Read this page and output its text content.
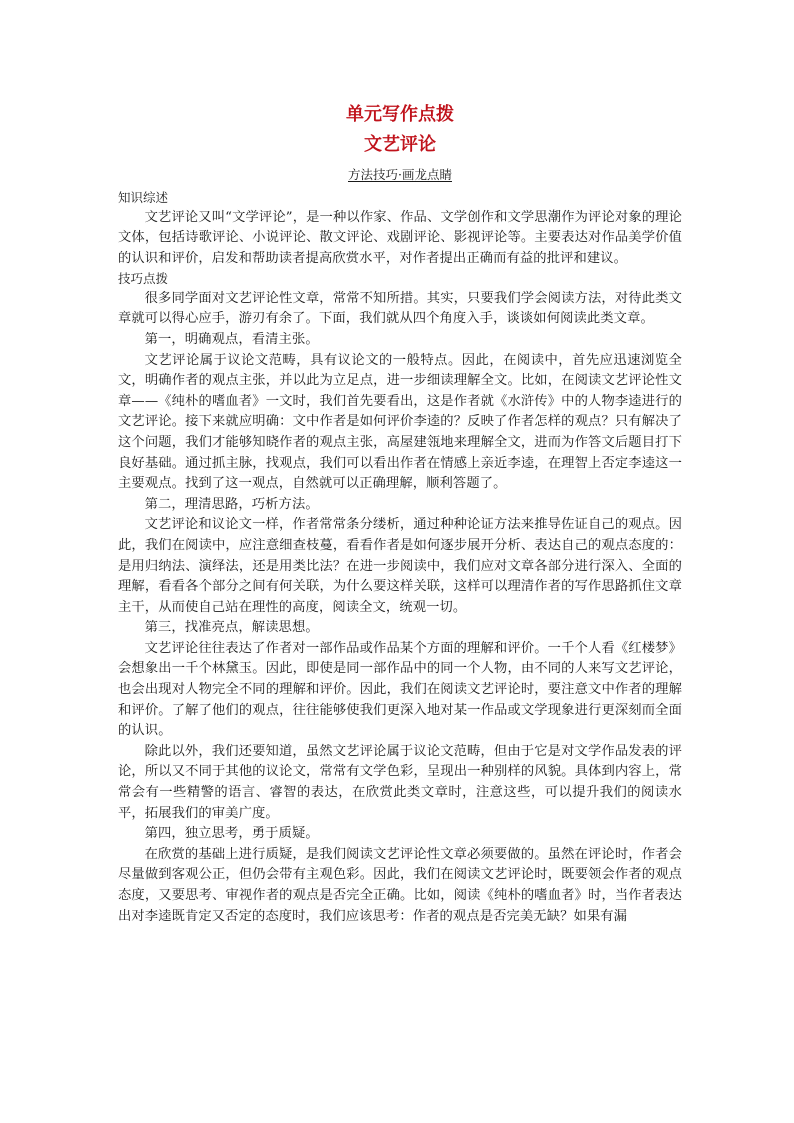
单元写作点拨
文艺评论
方法技巧·画龙点睛

知识综述

文艺评论又叫“文学评论”，是一种以作家、作品、文学创作和文学思潮作为评论对象的理论文体，包括诗歌评论、小说评论、散文评论、戏剧评论、影视评论等。主要表达对作品美学价值的认识和评价，启发和帮助读者提高欣赏水平，对作者提出正确而有益的批评和建议。

技巧点拨

很多同学面对文艺评论性文章，常常不知所措。其实，只要我们学会阅读方法，对待此类文章就可以得心应手，游刃有余了。下面，我们就从四个角度入手，谈谈如何阅读此类文章。

第一，明确观点，看清主张。

文艺评论属于议论文范畴，具有议论文的一般特点。因此，在阅读中，首先应迅速浏览全文，明确作者的观点主张，并以此为立足点，进一步细读理解全文。比如，在阅读文艺评论性文章——《纯朴的嗜血者》一文时，我们首先要看出，这是作者就《水浒传》中的人物李逵进行的文艺评论。接下来就应明确：文中作者是如何评价李逵的？反映了作者怎样的观点？只有解决了这个问题，我们才能够知晓作者的观点主张，高屋建瓴地来理解全文，进而为作答文后题目打下良好基础。通过抓主脉，找观点，我们可以看出作者在情感上亲近李逵，在理智上否定李逵这一主要观点。找到了这一观点，自然就可以正确理解，顺利答题了。

第二，理清思路，巧析方法。

文艺评论和议论文一样，作者常常条分缕析，通过种种论证方法来推导佐证自己的观点。因此，我们在阅读中，应注意细查枝蔓，看看作者是如何逐步展开分析、表达自己的观点态度的：是用归纳法、演绎法，还是用类比法？在进一步阅读中，我们应对文章各部分进行深入、全面的理解，看看各个部分之间有何关联，为什么要这样关联，这样可以理清作者的写作思路抓住文章主干，从而使自己站在理性的高度，阅读全文，统观一切。

第三，找准亮点，解读思想。

文艺评论往往表达了作者对一部作品或作品某个方面的理解和评价。一千个人看《红楼梦》会想象出一千个林黛玉。因此，即使是同一部作品中的同一个人物，由不同的人来写文艺评论，也会出现对人物完全不同的理解和评价。因此，我们在阅读文艺评论时，要注意文中作者的理解和评价。了解了他们的观点，往往能够使我们更深入地对某一作品或文学现象进行更深刻而全面的认识。

除此以外，我们还要知道，虽然文艺评论属于议论文范畴，但由于它是对文学作品发表的评论，所以又不同于其他的议论文，常常有文学色彩，呈现出一种别样的风貌。具体到内容上，常常会有一些精警的语言、睿智的表达，在欣赏此类文章时，注意这些，可以提升我们的阅读水平，拓展我们的审美广度。

第四，独立思考，勇于质疑。

在欣赏的基础上进行质疑，是我们阅读文艺评论性文章必须要做的。虽然在评论时，作者会尽量做到客观公正，但仍会带有主观色彩。因此，我们在阅读文艺评论时，既要领会作者的观点态度，又要思考、审视作者的观点是否完全正确。比如，阅读《纯朴的嗜血者》时，当作者表达出对李逵既肯定又否定的态度时，我们应该思考：作者的观点是否完美无缺？如果有漏
